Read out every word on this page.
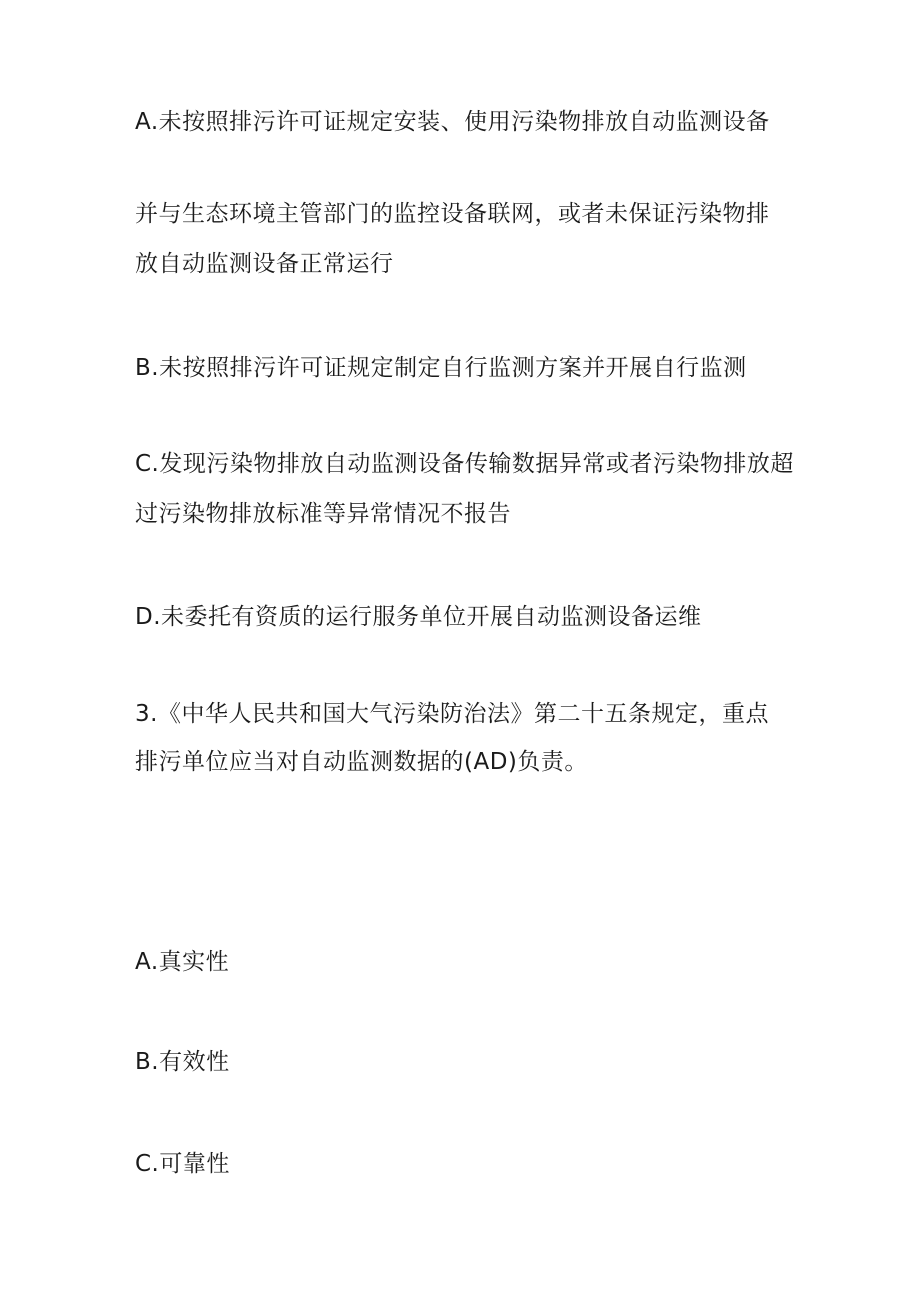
A.未按照排污许可证规定安装、使用污染物排放自动监测设备
并与生态环境主管部门的监控设备联网，或者未保证污染物排
放自动监测设备正常运行
B.未按照排污许可证规定制定自行监测方案并开展自行监测
C.发现污染物排放自动监测设备传输数据异常或者污染物排放超
过污染物排放标准等异常情况不报告
D.未委托有资质的运行服务单位开展自动监测设备运维
3.《中华人民共和国大气污染防治法》第二十五条规定，重点
排污单位应当对自动监测数据的(AD)负责。
A.真实性
B.有效性
C.可靠性
